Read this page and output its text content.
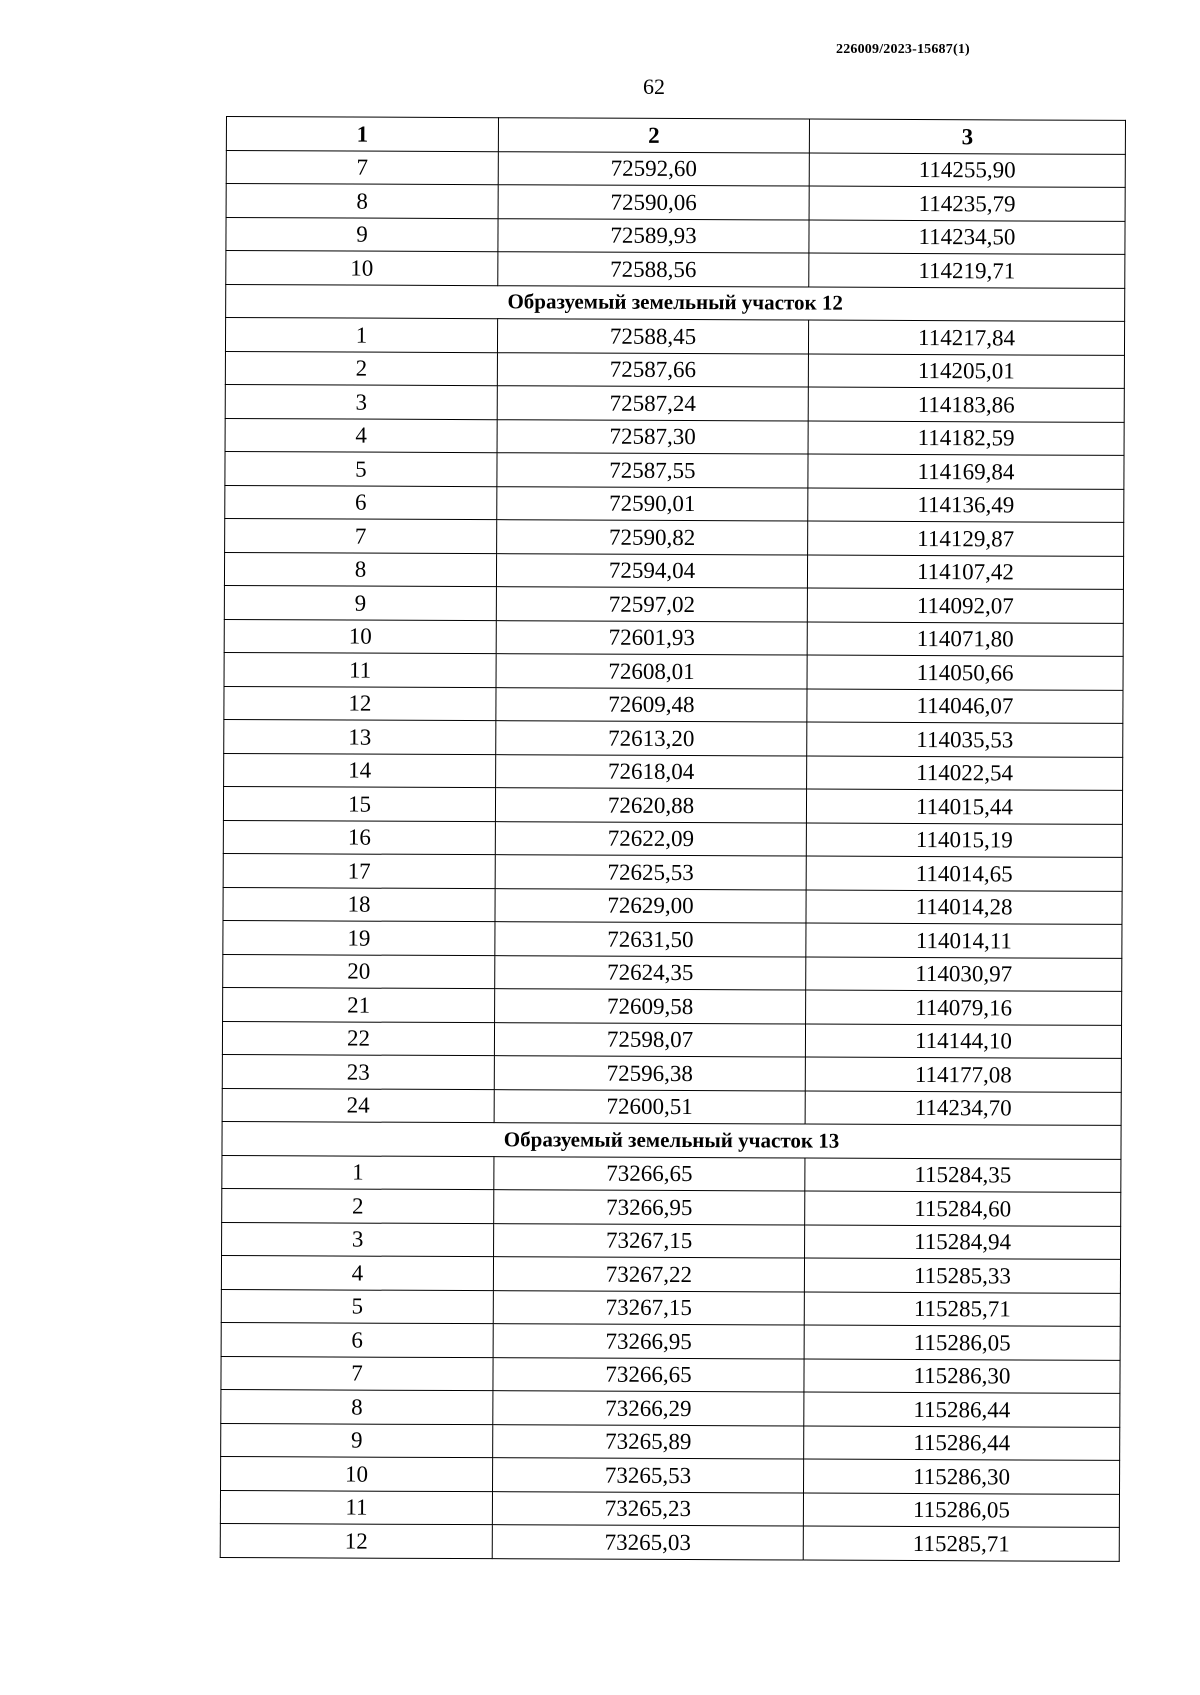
226009/2023-15687(1)
62
1	2	3
7	72592,60	114255,90
8	72590,06	114235,79
9	72589,93	114234,50
10	72588,56	114219,71
Образуемый земельный участок 12		
1	72588,45	114217,84
2	72587,66	114205,01
3	72587,24	114183,86
4	72587,30	114182,59
5	72587,55	114169,84
6	72590,01	114136,49
7	72590,82	114129,87
8	72594,04	114107,42
9	72597,02	114092,07
10	72601,93	114071,80
11	72608,01	114050,66
12	72609,48	114046,07
13	72613,20	114035,53
14	72618,04	114022,54
15	72620,88	114015,44
16	72622,09	114015,19
17	72625,53	114014,65
18	72629,00	114014,28
19	72631,50	114014,11
20	72624,35	114030,97
21	72609,58	114079,16
22	72598,07	114144,10
23	72596,38	114177,08
24	72600,51	114234,70
Образуемый земельный участок 13		
1	73266,65	115284,35
2	73266,95	115284,60
3	73267,15	115284,94
4	73267,22	115285,33
5	73267,15	115285,71
6	73266,95	115286,05
7	73266,65	115286,30
8	73266,29	115286,44
9	73265,89	115286,44
10	73265,53	115286,30
11	73265,23	115286,05
12	73265,03	115285,71
